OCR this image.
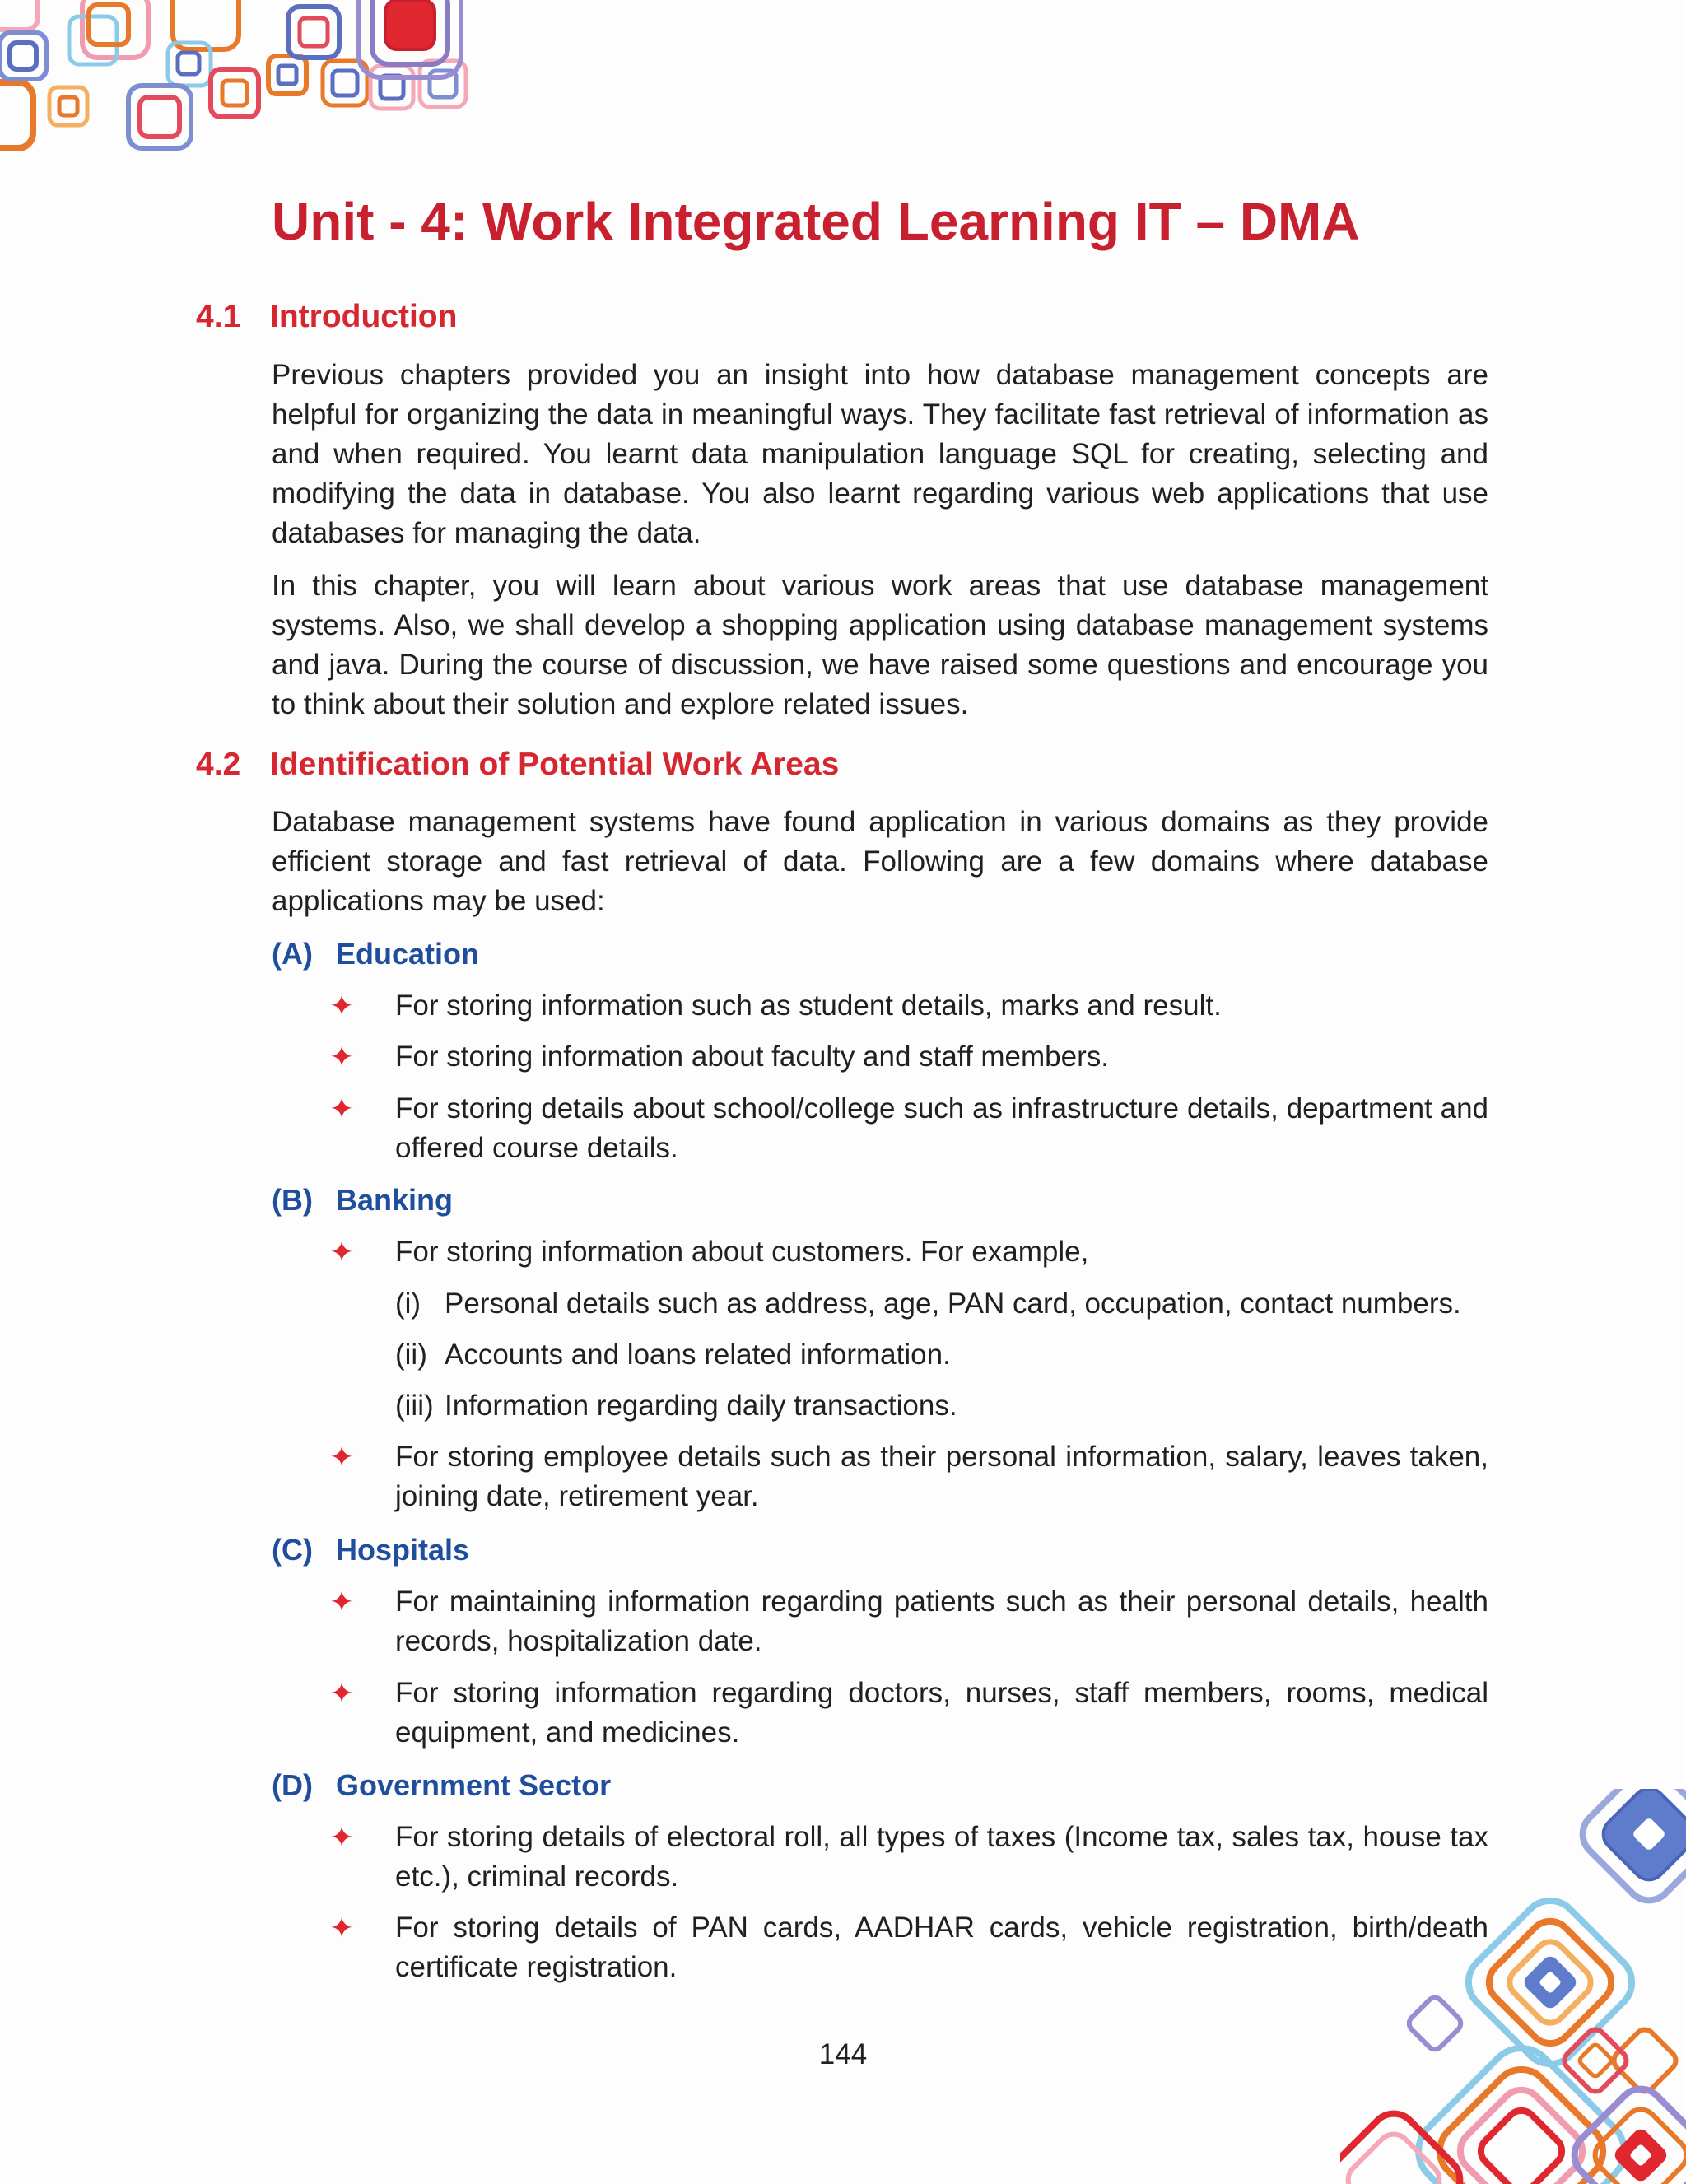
Unit - 4: Work Integrated Learning IT – DMA
4.1 Introduction

Previous chapters provided you an insight into how database management concepts are helpful for organizing the data in meaningful ways. They facilitate fast retrieval of information as and when required. You learnt data manipulation language SQL for creating, selecting and modifying the data in database. You also learnt regarding various web applications that use databases for managing the data.

In this chapter, you will learn about various work areas that use database management systems. Also, we shall develop a shopping application using database management systems and java. During the course of discussion, we have raised some questions and encourage you to think about their solution and explore related issues.

4.2 Identification of Potential Work Areas

Database management systems have found application in various domains as they provide efficient storage and fast retrieval of data. Following are a few domains where database applications may be used:

(A) Education
✦ For storing information such as student details, marks and result.
✦ For storing information about faculty and staff members.
✦ For storing details about school/college such as infrastructure details, department and offered course details.
(B) Banking
✦ For storing information about customers. For example,
(i) Personal details such as address, age, PAN card, occupation, contact numbers.
(ii) Accounts and loans related information.
(iii) Information regarding daily transactions.
✦ For storing employee details such as their personal information, salary, leaves taken, joining date, retirement year.
(C) Hospitals
✦ For maintaining information regarding patients such as their personal details, health records, hospitalization date.
✦ For storing information regarding doctors, nurses, staff members, rooms, medical equipment, and medicines.
(D) Government Sector
✦ For storing details of electoral roll, all types of taxes (Income tax, sales tax, house tax etc.), criminal records.
✦ For storing details of PAN cards, AADHAR cards, vehicle registration, birth/death certificate registration.
144
